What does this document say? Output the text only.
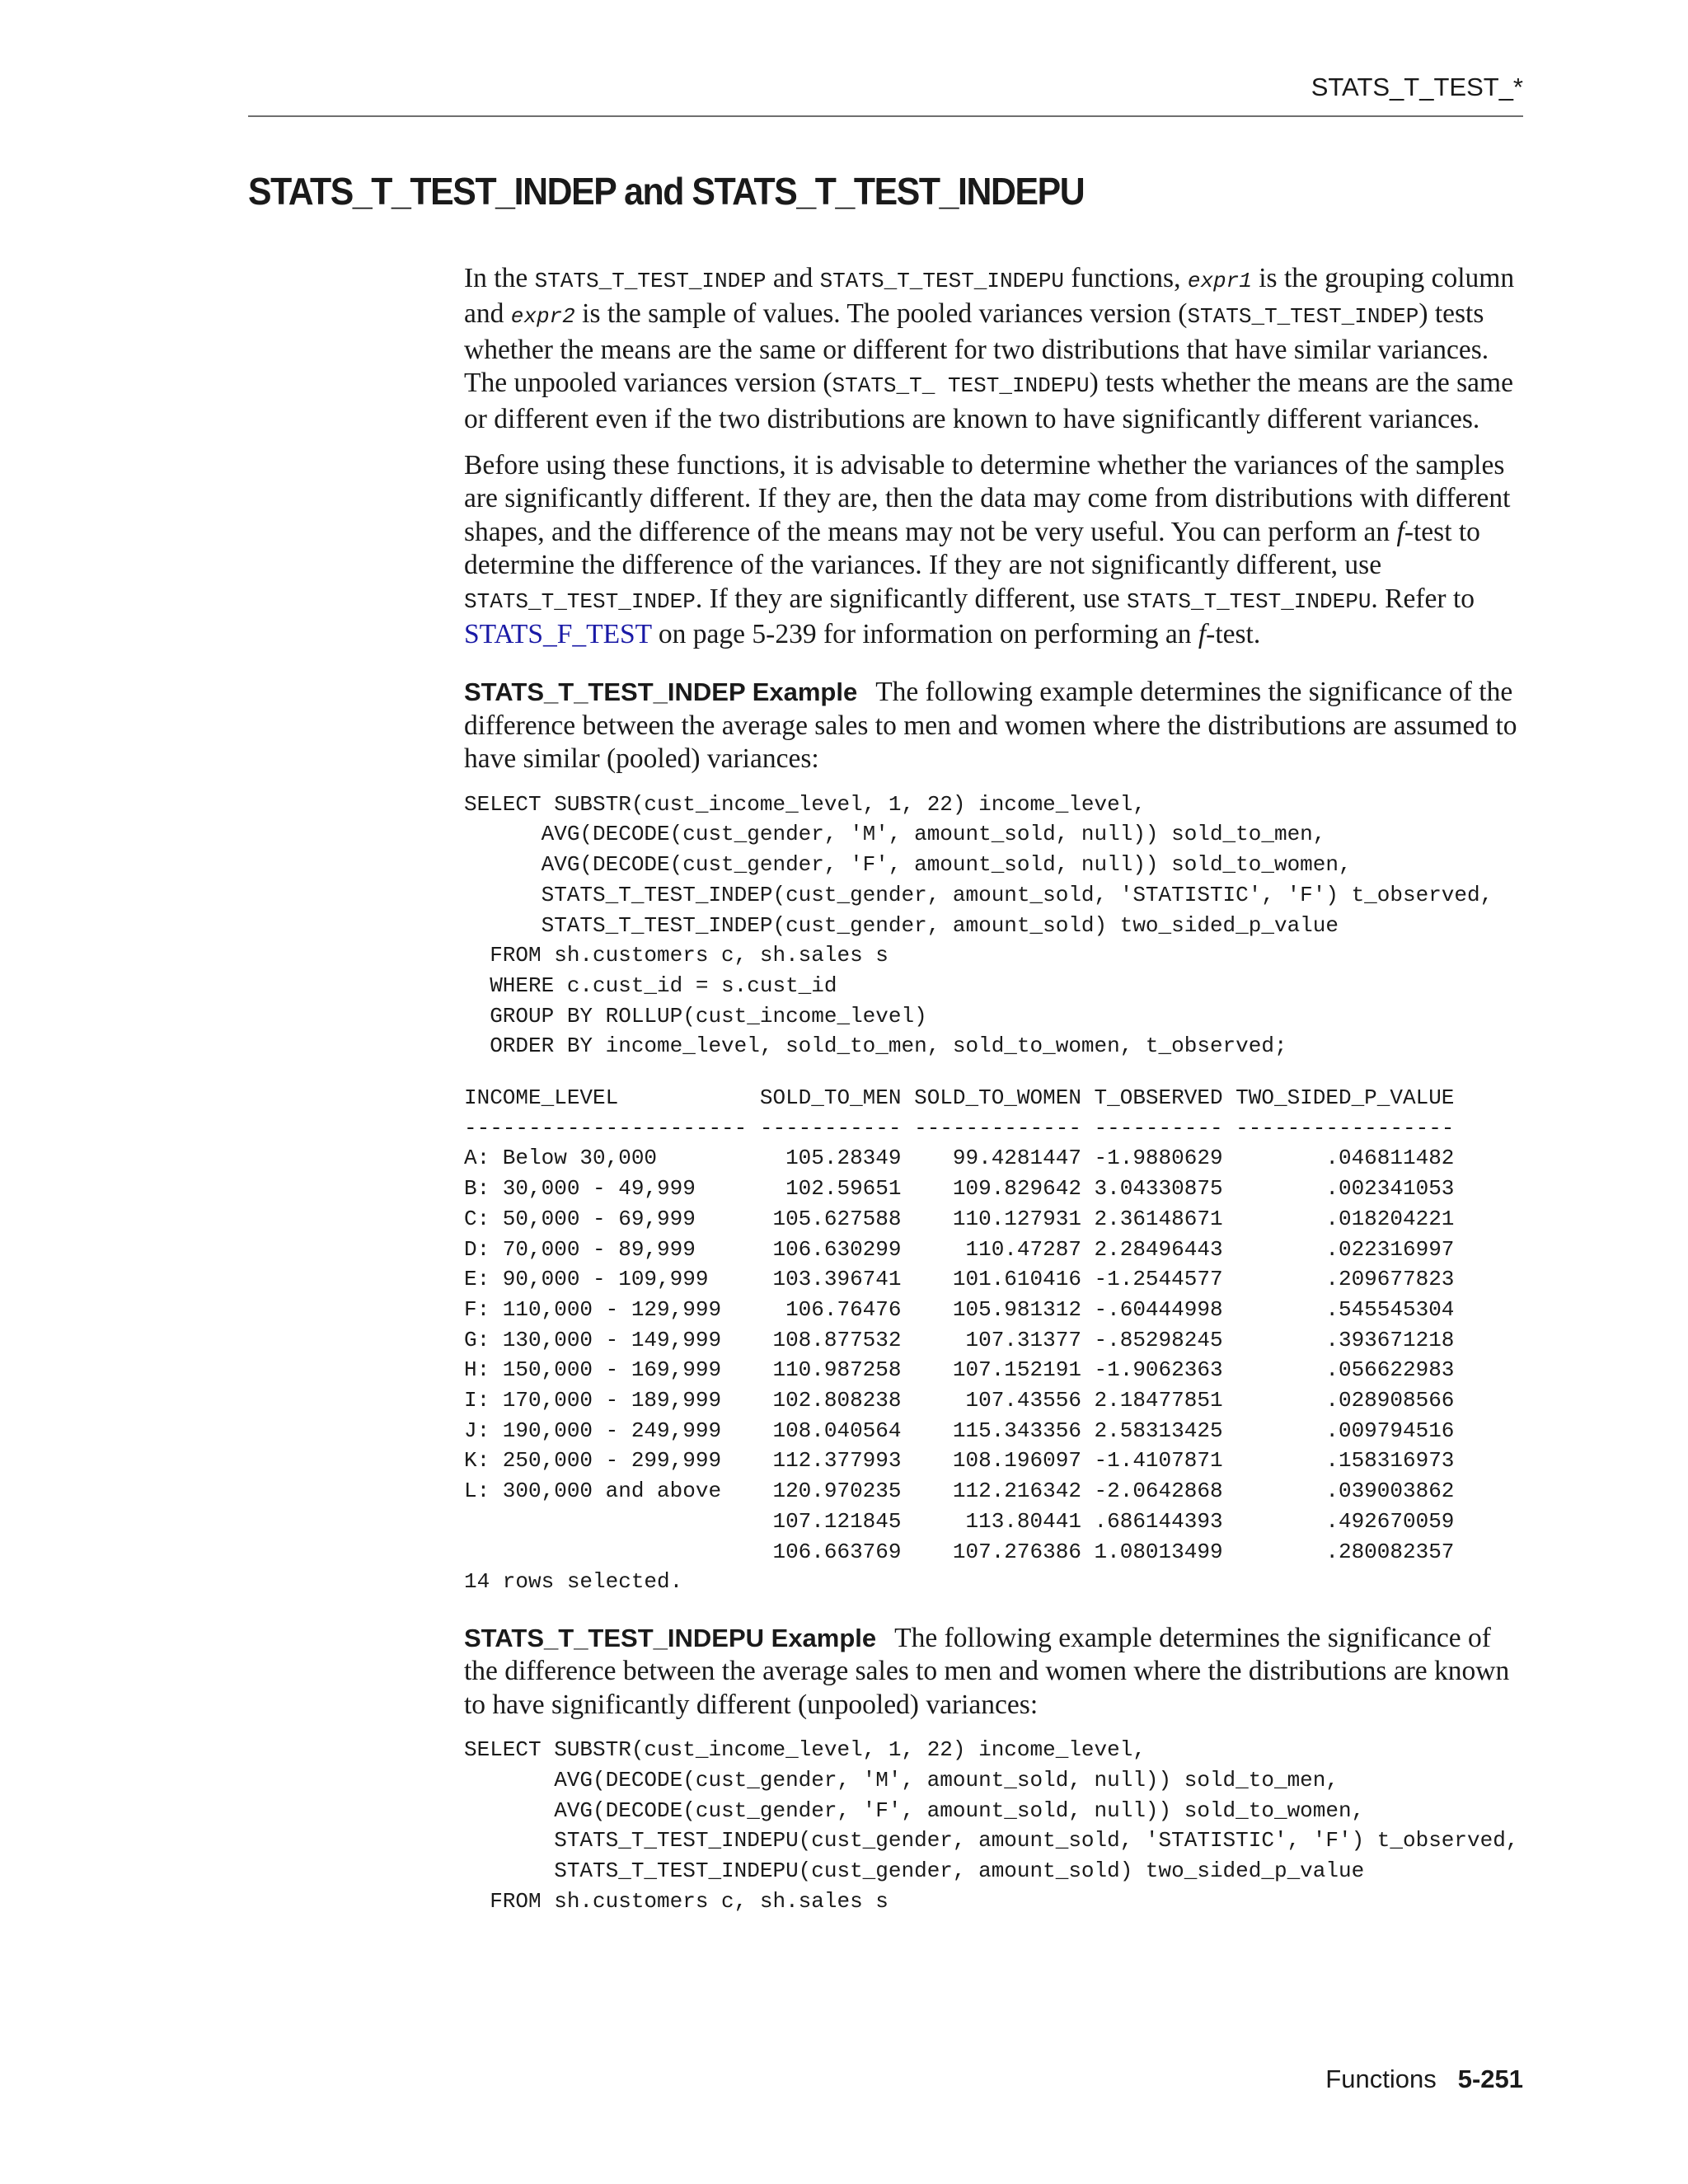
STATS_T_TEST_*
STATS_T_TEST_INDEP and STATS_T_TEST_INDEPU

In the STATS_T_TEST_INDEP and STATS_T_TEST_INDEPU functions, expr1 is the grouping column and expr2 is the sample of values. The pooled variances version (STATS_T_TEST_INDEP) tests whether the means are the same or different for two distributions that have similar variances. The unpooled variances version (STATS_T_ TEST_INDEPU) tests whether the means are the same or different even if the two distributions are known to have significantly different variances.

Before using these functions, it is advisable to determine whether the variances of the samples are significantly different. If they are, then the data may come from distributions with different shapes, and the difference of the means may not be very useful. You can perform an f-test to determine the difference of the variances. If they are not significantly different, use STATS_T_TEST_INDEP. If they are significantly different, use STATS_T_TEST_INDEPU. Refer to STATS_F_TEST on page 5-239 for information on performing an f-test.

STATS_T_TEST_INDEP Example The following example determines the significance of the difference between the average sales to men and women where the distributions are assumed to have similar (pooled) variances:

SELECT SUBSTR(cust_income_level, 1, 22) income_level,
AVG(DECODE(cust_gender, 'M', amount_sold, null)) sold_to_men,
AVG(DECODE(cust_gender, 'F', amount_sold, null)) sold_to_women,
STATS_T_TEST_INDEP(cust_gender, amount_sold, 'STATISTIC', 'F') t_observed,
STATS_T_TEST_INDEP(cust_gender, amount_sold) two_sided_p_value
FROM sh.customers c, sh.sales s
WHERE c.cust_id = s.cust_id
GROUP BY ROLLUP(cust_income_level)
ORDER BY income_level, sold_to_men, sold_to_women, t_observed;
INCOME_LEVEL           SOLD_TO_MEN SOLD_TO_WOMEN T_OBSERVED TWO_SIDED_P_VALUE
---------------------- ----------- ------------- ---------- -----------------
A: Below 30,000          105.28349    99.4281447 -1.9880629        .046811482
B: 30,000 - 49,999       102.59651    109.829642 3.04330875        .002341053
C: 50,000 - 69,999      105.627588    110.127931 2.36148671        .018204221
D: 70,000 - 89,999      106.630299     110.47287 2.28496443        .022316997
E: 90,000 - 109,999     103.396741    101.610416 -1.2544577        .209677823
F: 110,000 - 129,999     106.76476    105.981312 -.60444998        .545545304
G: 130,000 - 149,999    108.877532     107.31377 -.85298245        .393671218
H: 150,000 - 169,999    110.987258    107.152191 -1.9062363        .056622983
I: 170,000 - 189,999    102.808238     107.43556 2.18477851        .028908566
J: 190,000 - 249,999    108.040564    115.343356 2.58313425        .009794516
K: 250,000 - 299,999    112.377993    108.196097 -1.4107871        .158316973
L: 300,000 and above    120.970235    112.216342 -2.0642868        .039003862
107.121845     113.80441 .686144393        .492670059
106.663769    107.276386 1.08013499        .280082357
14 rows selected.

STATS_T_TEST_INDEPU Example The following example determines the significance of the difference between the average sales to men and women where the distributions are known to have significantly different (unpooled) variances:

SELECT SUBSTR(cust_income_level, 1, 22) income_level,
AVG(DECODE(cust_gender, 'M', amount_sold, null)) sold_to_men,
AVG(DECODE(cust_gender, 'F', amount_sold, null)) sold_to_women,
STATS_T_TEST_INDEPU(cust_gender, amount_sold, 'STATISTIC', 'F') t_observed,
STATS_T_TEST_INDEPU(cust_gender, amount_sold) two_sided_p_value
FROM sh.customers c, sh.sales s
Functions 5-251
